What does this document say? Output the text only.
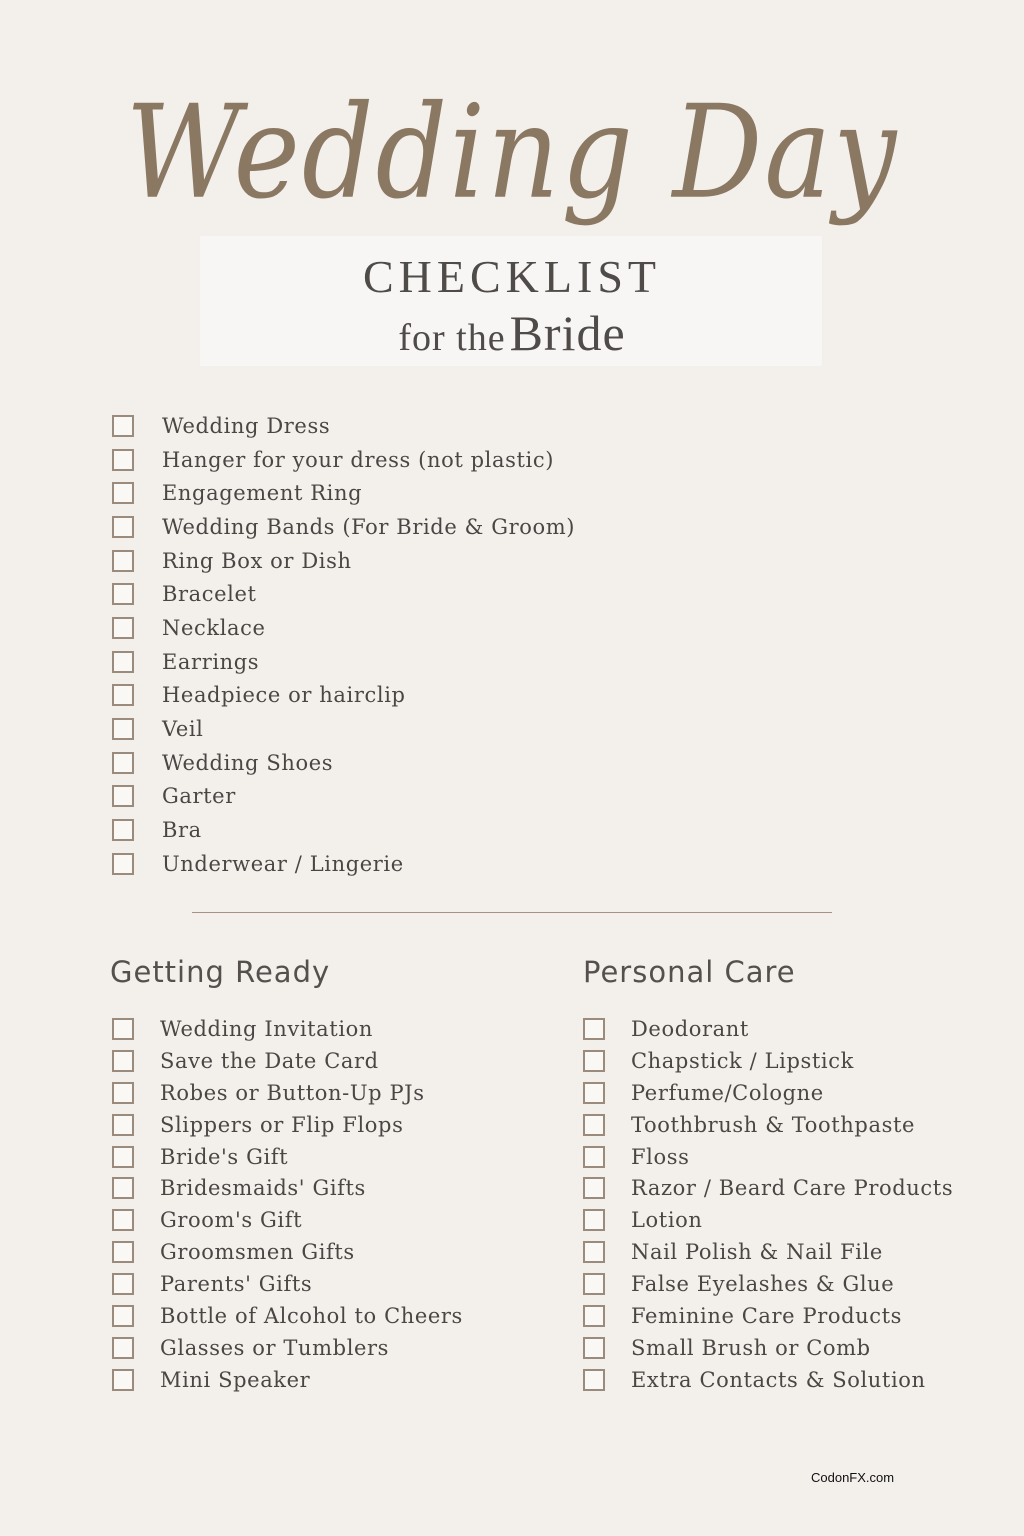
Wedding Day
CHECKLIST
for the Bride
Wedding Dress
Hanger for your dress (not plastic)
Engagement Ring
Wedding Bands (For Bride & Groom)
Ring Box or Dish
Bracelet
Necklace
Earrings
Headpiece or hairclip
Veil
Wedding Shoes
Garter
Bra
Underwear / Lingerie
Getting Ready	Personal Care
Wedding Invitation
Save the Date Card
Robes or Button-Up PJs
Slippers or Flip Flops
Bride's Gift
Bridesmaids' Gifts
Groom's Gift
Groomsmen Gifts
Parents' Gifts
Bottle of Alcohol to Cheers
Glasses or Tumblers
Mini Speaker
Deodorant
Chapstick / Lipstick
Perfume/Cologne
Toothbrush & Toothpaste
Floss
Razor / Beard Care Products
Lotion
Nail Polish & Nail File
False Eyelashes & Glue
Feminine Care Products
Small Brush or Comb
Extra Contacts & Solution
CodonFX.com
